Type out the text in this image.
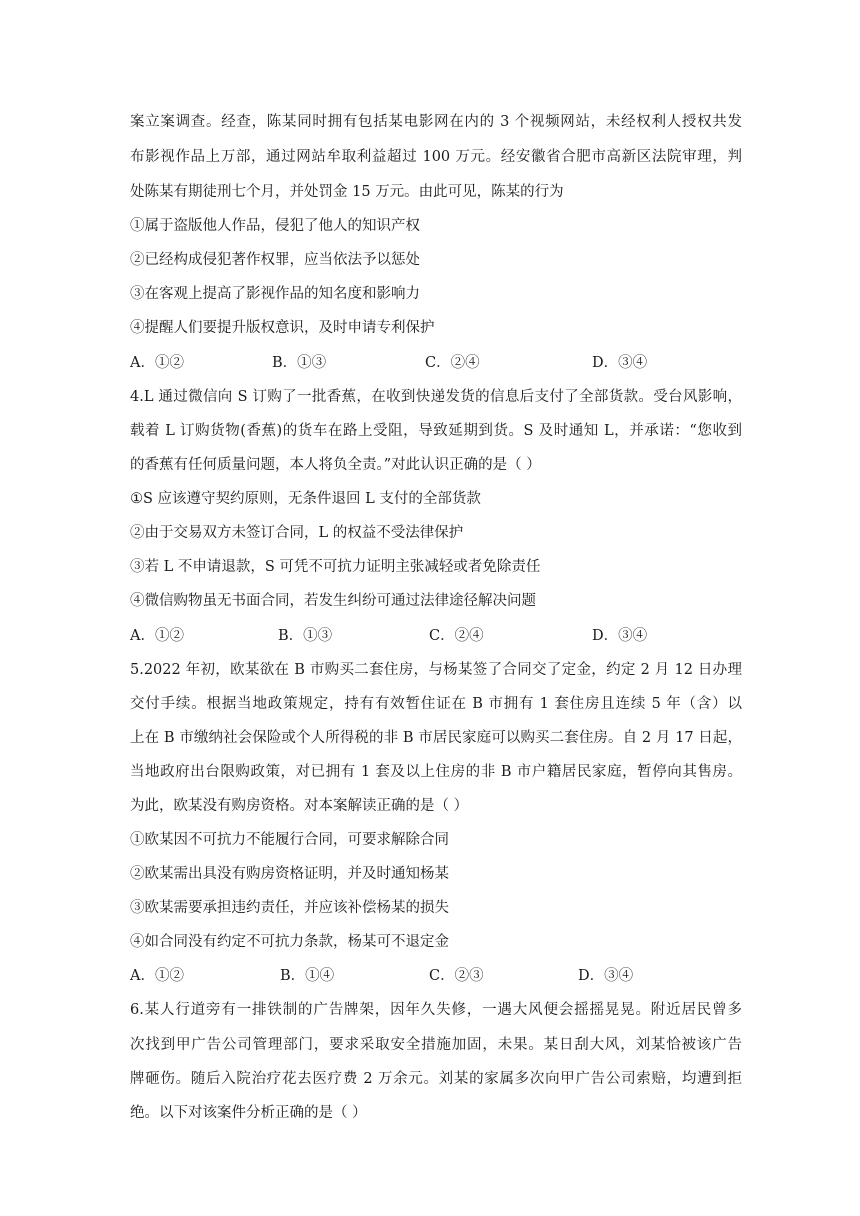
案立案调查。经查，陈某同时拥有包括某电影网在内的 3 个视频网站，未经权利人授权共发
布影视作品上万部，通过网站牟取利益超过 100 万元。经安徽省合肥市高新区法院审理，判
处陈某有期徒刑七个月，并处罚金 15 万元。由此可见，陈某的行为
①属于盗版他人作品，侵犯了他人的知识产权
②已经构成侵犯著作权罪，应当依法予以惩处
③在客观上提高了影视作品的知名度和影响力
④提醒人们要提升版权意识，及时申请专利保护
A．①②	B．①③	C．②④	D．③④
4.L 通过微信向 S 订购了一批香蕉，在收到快递发货的信息后支付了全部货款。受台风影响，
载着 L 订购货物(香蕉)的货车在路上受阻，导致延期到货。S 及时通知 L，并承诺：“您收到
的香蕉有任何质量问题，本人将负全责。”对此认识正确的是（ ）
①S 应该遵守契约原则，无条件退回 L 支付的全部货款
②由于交易双方未签订合同，L 的权益不受法律保护
③若 L 不申请退款，S 可凭不可抗力证明主张减轻或者免除责任
④微信购物虽无书面合同，若发生纠纷可通过法律途径解决问题
A．①②	B．①③	C．②④	D．③④
5.2022 年初，欧某欲在 B 市购买二套住房，与杨某签了合同交了定金，约定 2 月 12 日办理
交付手续。根据当地政策规定，持有有效暂住证在 B 市拥有 1 套住房且连续 5 年（含）以
上在 B 市缴纳社会保险或个人所得税的非 B 市居民家庭可以购买二套住房。自 2 月 17 日起，
当地政府出台限购政策，对已拥有 1 套及以上住房的非 B 市户籍居民家庭，暂停向其售房。
为此，欧某没有购房资格。对本案解读正确的是（ ）
①欧某因不可抗力不能履行合同，可要求解除合同
②欧某需出具没有购房资格证明，并及时通知杨某
③欧某需要承担违约责任，并应该补偿杨某的损失
④如合同没有约定不可抗力条款，杨某可不退定金
A．①②	B．①④	C．②③	D．③④
6.某人行道旁有一排铁制的广告牌架，因年久失修，一遇大风便会摇摇晃晃。附近居民曾多
次找到甲广告公司管理部门，要求采取安全措施加固，未果。某日刮大风，刘某恰被该广告
牌砸伤。随后入院治疗花去医疗费 2 万余元。刘某的家属多次向甲广告公司索赔，均遭到拒
绝。以下对该案件分析正确的是（ ）
